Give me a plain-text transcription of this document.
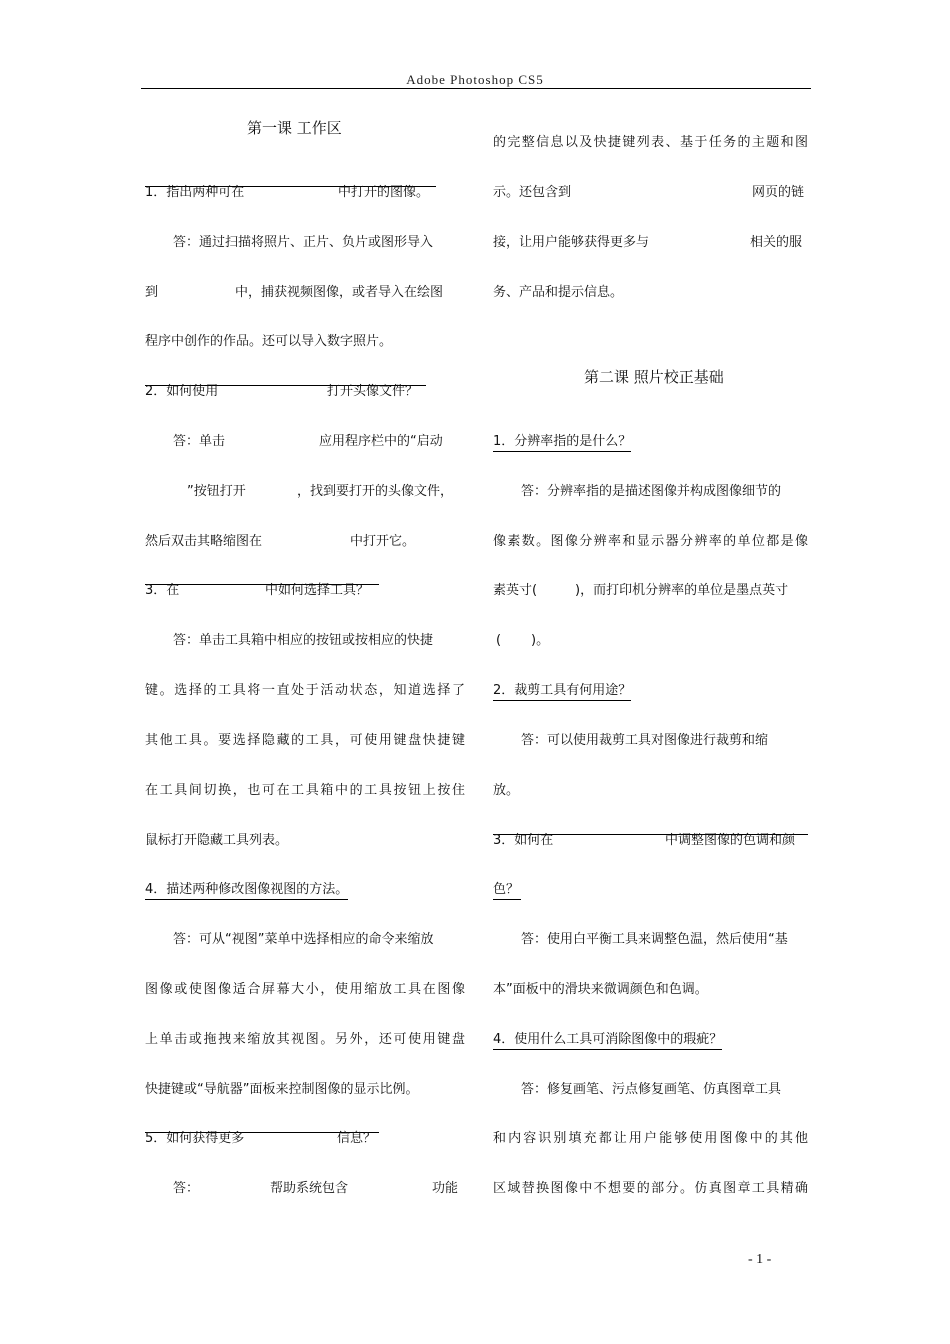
Adobe Photoshop CS5
第一课 工作区
1．指出两种可在	中打开的图像。
答：通过扫描将照片、正片、负片或图形导入
到	中，捕获视频图像，或者导入在绘图
程序中创作的作品。还可以导入数字照片。
2．如何使用	打开头像文件？
答：单击	应用程序栏中的“启动
”按钮打开	，找到要打开的头像文件，
然后双击其略缩图在	中打开它。
3．在	中如何选择工具？
答：单击工具箱中相应的按钮或按相应的快捷
键。选择的工具将一直处于活动状态，知道选择了
其他工具。要选择隐藏的工具，可使用键盘快捷键
在工具间切换，也可在工具箱中的工具按钮上按住
鼠标打开隐藏工具列表。
4．描述两种修改图像视图的方法。
答：可从“视图”菜单中选择相应的命令来缩放
图像或使图像适合屏幕大小，使用缩放工具在图像
上单击或拖拽来缩放其视图。另外，还可使用键盘
快捷键或“导航器”面板来控制图像的显示比例。
5．如何获得更多	信息？
答：	帮助系统包含	功能
的完整信息以及快捷键列表、基于任务的主题和图
示。还包含到	网页的链
接，让用户能够获得更多与	相关的服
务、产品和提示信息。
第二课 照片校正基础
1．分辨率指的是什么？
答：分辨率指的是描述图像并构成图像细节的
像素数。图像分辨率和显示器分辨率的单位都是像
素英寸(	)，而打印机分辨率的单位是墨点英寸
( )。
2．裁剪工具有何用途？
答：可以使用裁剪工具对图像进行裁剪和缩
放。
3．如何在	中调整图像的色调和颜
色？
答：使用白平衡工具来调整色温，然后使用“基
本”面板中的滑块来微调颜色和色调。
4．使用什么工具可消除图像中的瑕疵？
答：修复画笔、污点修复画笔、仿真图章工具
和内容识别填充都让用户能够使用图像中的其他
区域替换图像中不想要的部分。仿真图章工具精确
- 1 -
